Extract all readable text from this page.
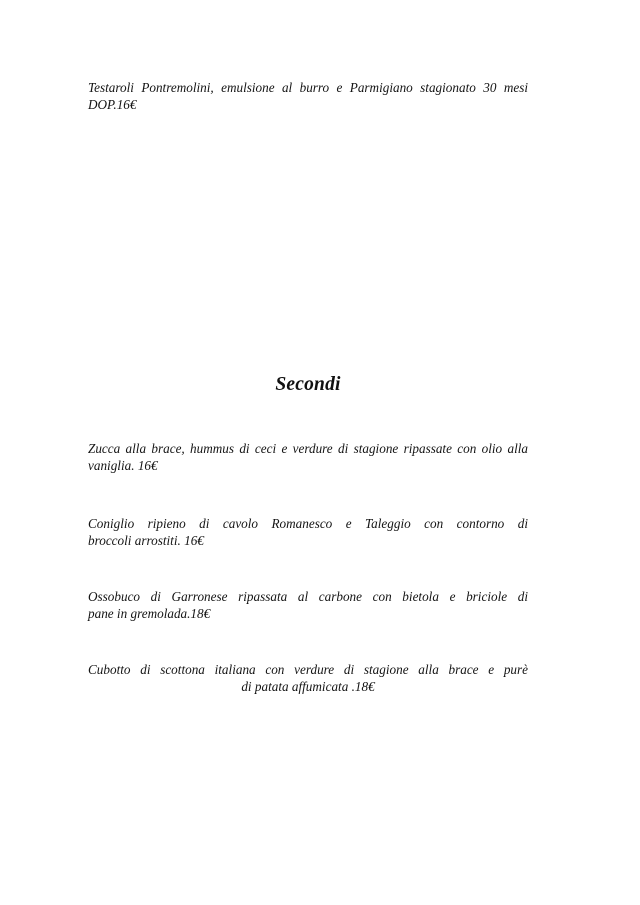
Testaroli Pontremolini, emulsione al burro e Parmigiano stagionato 30 mesi DOP.16€

Secondi

Zucca alla brace, hummus di ceci e verdure di stagione ripassate con olio alla vaniglia. 16€

Coniglio ripieno di cavolo Romanesco e Taleggio con contorno di
broccoli arrostiti. 16€

Ossobuco di Garronese ripassata al carbone con bietola e briciole di
pane in gremolada.18€

Cubotto di scottona italiana con verdure di stagione alla brace e purè
di patata affumicata .18€
